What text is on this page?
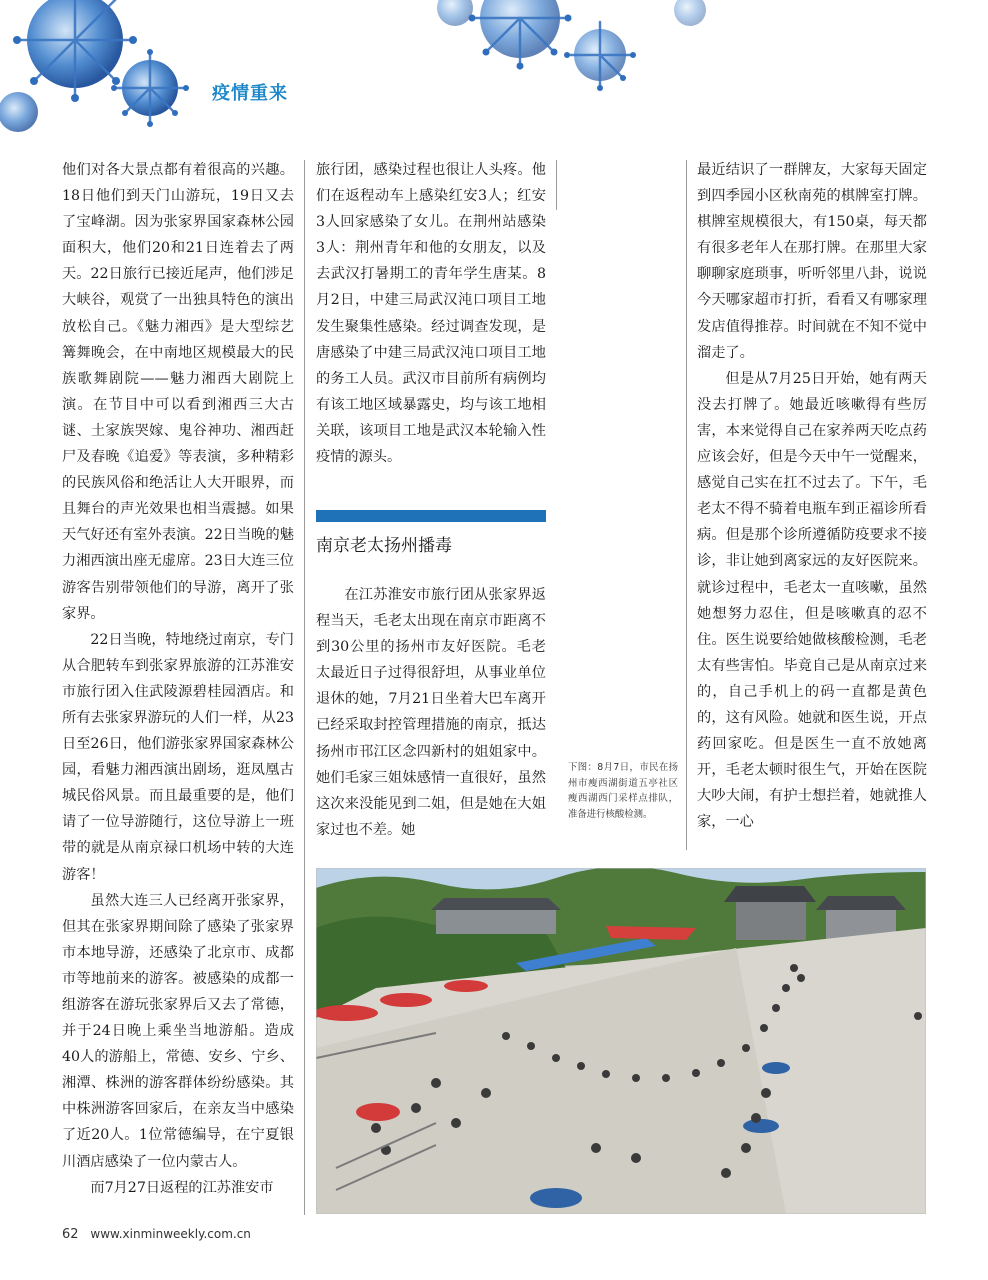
疫情重来

他们对各大景点都有着很高的兴趣。18日他们到天门山游玩，19日又去了宝峰湖。因为张家界国家森林公园面积大，他们20和21日连着去了两天。22日旅行已接近尾声，他们涉足大峡谷，观赏了一出独具特色的演出放松自己。《魅力湘西》是大型综艺篝舞晚会，在中南地区规模最大的民族歌舞剧院——魅力湘西大剧院上演。在节目中可以看到湘西三大古谜、土家族哭嫁、鬼谷神功、湘西赶尸及春晚《追爱》等表演，多种精彩的民族风俗和绝活让人大开眼界，而且舞台的声光效果也相当震撼。如果天气好还有室外表演。22日当晚的魅力湘西演出座无虚席。23日大连三位游客告别带领他们的导游，离开了张家界。

22日当晚，特地绕过南京，专门从合肥转车到张家界旅游的江苏淮安市旅行团入住武陵源碧桂园酒店。和所有去张家界游玩的人们一样，从23日至26日，他们游张家界国家森林公园，看魅力湘西演出剧场，逛凤凰古城民俗风景。而且最重要的是，他们请了一位导游随行，这位导游上一班带的就是从南京禄口机场中转的大连游客！

虽然大连三人已经离开张家界，但其在张家界期间除了感染了张家界市本地导游，还感染了北京市、成都市等地前来的游客。被感染的成都一组游客在游玩张家界后又去了常德，并于24日晚上乘坐当地游船。造成40人的游船上，常德、安乡、宁乡、湘潭、株洲的游客群体纷纷感染。其中株洲游客回家后，在亲友当中感染了近20人。1位常德编导，在宁夏银川酒店感染了一位内蒙古人。

而7月27日返程的江苏淮安市

旅行团，感染过程也很让人头疼。他们在返程动车上感染红安3人；红安3人回家感染了女儿。在荆州站感染3人：荆州青年和他的女朋友，以及去武汉打暑期工的青年学生唐某。8月2日，中建三局武汉沌口项目工地发生聚集性感染。经过调查发现，是唐感染了中建三局武汉沌口项目工地的务工人员。武汉市目前所有病例均有该工地区域暴露史，均与该工地相关联，该项目工地是武汉本轮输入性疫情的源头。

南京老太扬州播毒

在江苏淮安市旅行团从张家界返程当天，毛老太出现在南京市距离不到30公里的扬州市友好医院。毛老太最近日子过得很舒坦，从事业单位退休的她，7月21日坐着大巴车离开已经采取封控管理措施的南京，抵达扬州市邗江区念四新村的姐姐家中。她们毛家三姐妹感情一直很好，虽然这次来没能见到二姐，但是她在大姐家过也不差。她

下图：8月7日，市民在扬州市瘦西湖街道五亭社区瘦西湖西门采样点排队，准备进行核酸检测。

最近结识了一群牌友，大家每天固定到四季园小区秋南苑的棋牌室打牌。棋牌室规模很大，有150桌，每天都有很多老年人在那打牌。在那里大家聊聊家庭琐事，听听邻里八卦，说说今天哪家超市打折，看看又有哪家理发店值得推荐。时间就在不知不觉中溜走了。

但是从7月25日开始，她有两天没去打牌了。她最近咳嗽得有些厉害，本来觉得自己在家养两天吃点药应该会好，但是今天中午一觉醒来，感觉自己实在扛不过去了。下午，毛老太不得不骑着电瓶车到正福诊所看病。但是那个诊所遵循防疫要求不接诊，非让她到离家远的友好医院来。就诊过程中，毛老太一直咳嗽，虽然她想努力忍住，但是咳嗽真的忍不住。医生说要给她做核酸检测，毛老太有些害怕。毕竟自己是从南京过来的，自己手机上的码一直都是黄色的，这有风险。她就和医生说，开点药回家吃。但是医生一直不放她离开，毛老太顿时很生气，开始在医院大吵大闹，有护士想拦着，她就推人家，一心

62 www.xinminweekly.com.cn
